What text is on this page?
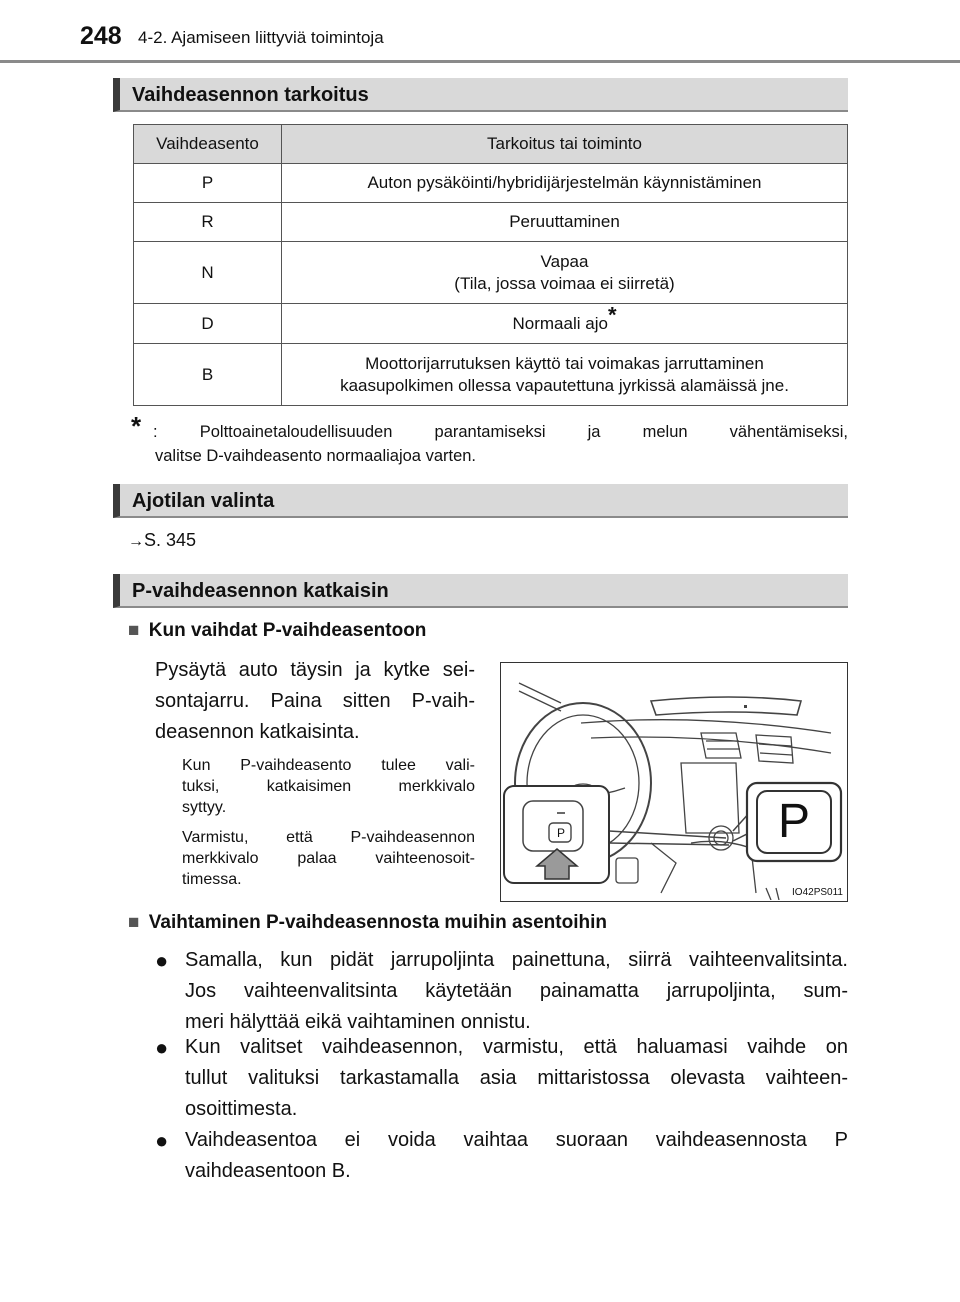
248 4-2. Ajamiseen liittyviä toimintoja
Vaihdeasennon tarkoitus
Vaihdeasento	Tarkoitus tai toiminto
P	Auton pysäköinti/hybridijärjestelmän käynnistäminen
R	Peruuttaminen
N	Vapaa
(Tila, jossa voimaa ei siirretä)

D	Normaali ajo*
B	Moottorijarrutuksen käyttö tai voimakas jarruttaminen
kaasupolkimen ollessa vapautettuna jyrkissä alamäissä jne.
* : Polttoainetaloudellisuuden parantamiseksi ja melun vähentämiseksi,
valitse D-vaihdeasento normaaliajoa varten.
Ajotilan valinta
→S. 345
P-vaihdeasennon katkaisin
■ Kun vaihdat P-vaihdeasentoon
Pysäytä auto täysin ja kytke sei-
sontajarru. Paina sitten P-vaih-
deasennon katkaisinta.
Kun P-vaihdeasento tulee vali-
tuksi, katkaisimen merkkivalo
syttyy.
Varmistu, että P-vaihdeasennon
merkkivalo palaa vaihteenosoit-
timessa.
P	P
IO42PS011
■ Vaihtaminen P-vaihdeasennosta muihin asentoihin
● Samalla, kun pidät jarrupoljinta painettuna, siirrä vaihteenvalitsinta.
Jos vaihteenvalitsinta käytetään painamatta jarrupoljinta, sum-
meri hälyttää eikä vaihtaminen onnistu.
● Kun valitset vaihdeasennon, varmistu, että haluamasi vaihde on
tullut valituksi tarkastamalla asia mittaristossa olevasta vaihteen-
osoittimesta.
● Vaihdeasentoa ei voida vaihtaa suoraan vaihdeasennosta P
vaihdeasentoon B.
